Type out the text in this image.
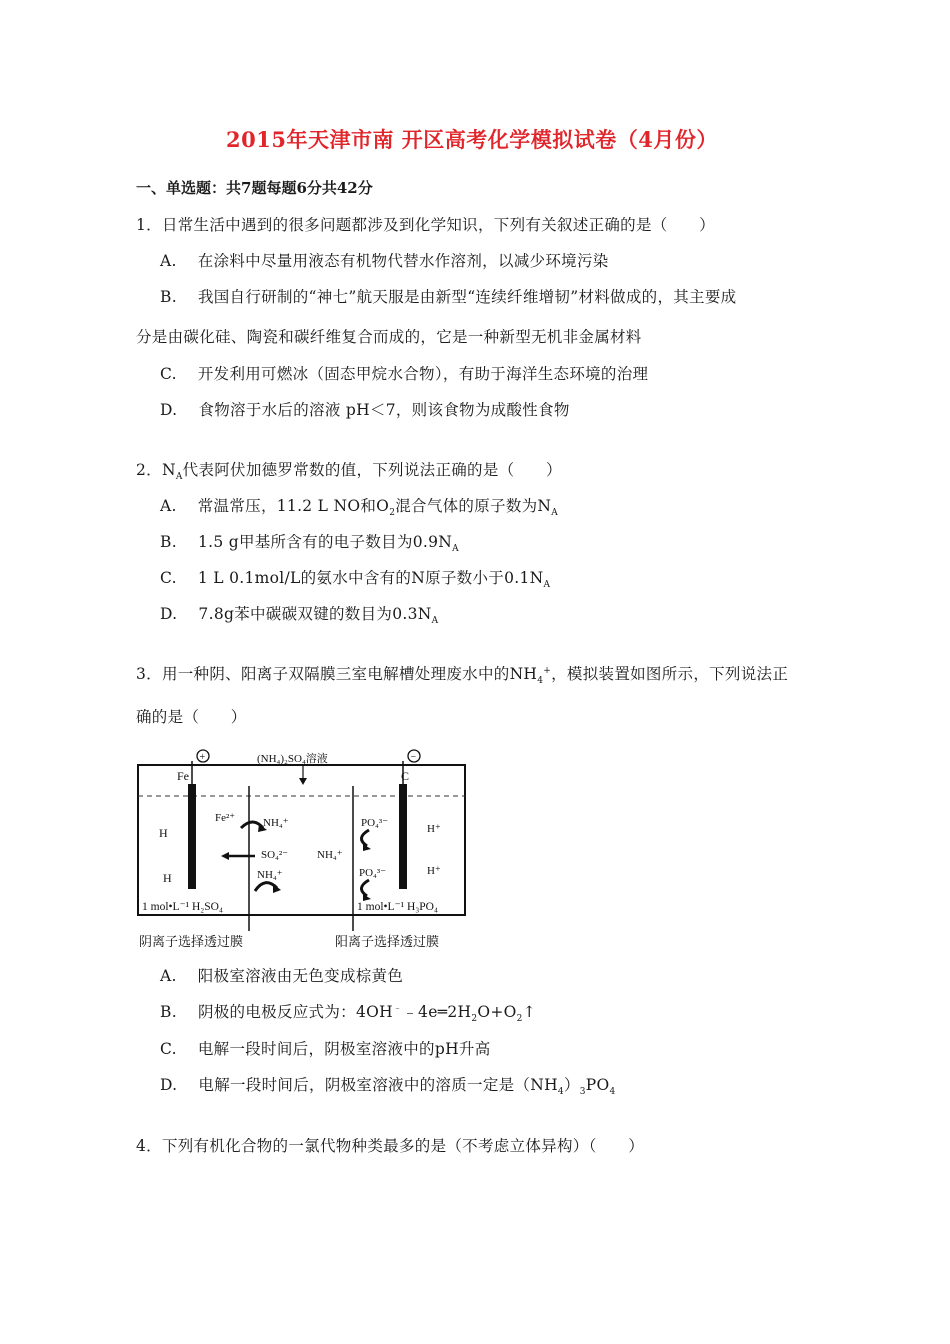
2015年天津市南 开区高考化学模拟试卷（4月份）
一、单选题：共7题每题6分共42分
1．日常生活中遇到的很多问题都涉及到化学知识，下列有关叙述正确的是（　　）
A.　 在涂料中尽量用液态有机物代替水作溶剂，以减少环境污染
B.　 我国自行研制的“神七”航天服是由新型“连续纤维增韧”材料做成的，其主要成
分是由碳化硅、陶瓷和碳纤维复合而成的，它是一种新型无机非金属材料
C.　 开发利用可燃冰（固态甲烷水合物），有助于海洋生态环境的治理
D.　 食物溶于水后的溶液 pH＜7，则该食物为成酸性食物
2．$N_A$代表阿伏加德罗常数的值，下列说法正确的是（　　）
A.　 常温常压，11.2 L NO和$O_2$混合气体的原子数为$N_A$
B.　 1.5 g甲基所含有的电子数目为$0.9N_A$
C.　 1 L 0.1mol/L的氨水中含有的N原子数小于$0.1N_A$
D.　 7.8g苯中碳碳双键的数目为$0.3N_A$
3．用一种阴、阳离子双隔膜三室电解槽处理废水中的$NH_4^+$，模拟装置如图所示，下列说法正
确的是（　　）
+	−
Fe	C
(NH₄)₂SO₄溶液
H
H
1 mol•L⁻¹ H₂SO₄
Fe²⁺	NH₄⁺
SO₄²⁻
NH₄⁺
NH₄⁺
PO₄³⁻
PO₄³⁻
H⁺
H⁺
1 mol•L⁻¹ H₃PO₄
阴离子选择透过膜	阳离子选择透过膜
A.　 阳极室溶液由无色变成棕黄色
B.　 阴极的电极反应式为：$4OH^﹣﹣4e═2H_2O+O_2↑$
C.　 电解一段时间后，阴极室溶液中的pH升高
D.　 电解一段时间后，阴极室溶液中的溶质一定是$(NH_4)_3PO_4$
4．下列有机化合物的一氯代物种类最多的是（不考虑立体异构）（　　）
